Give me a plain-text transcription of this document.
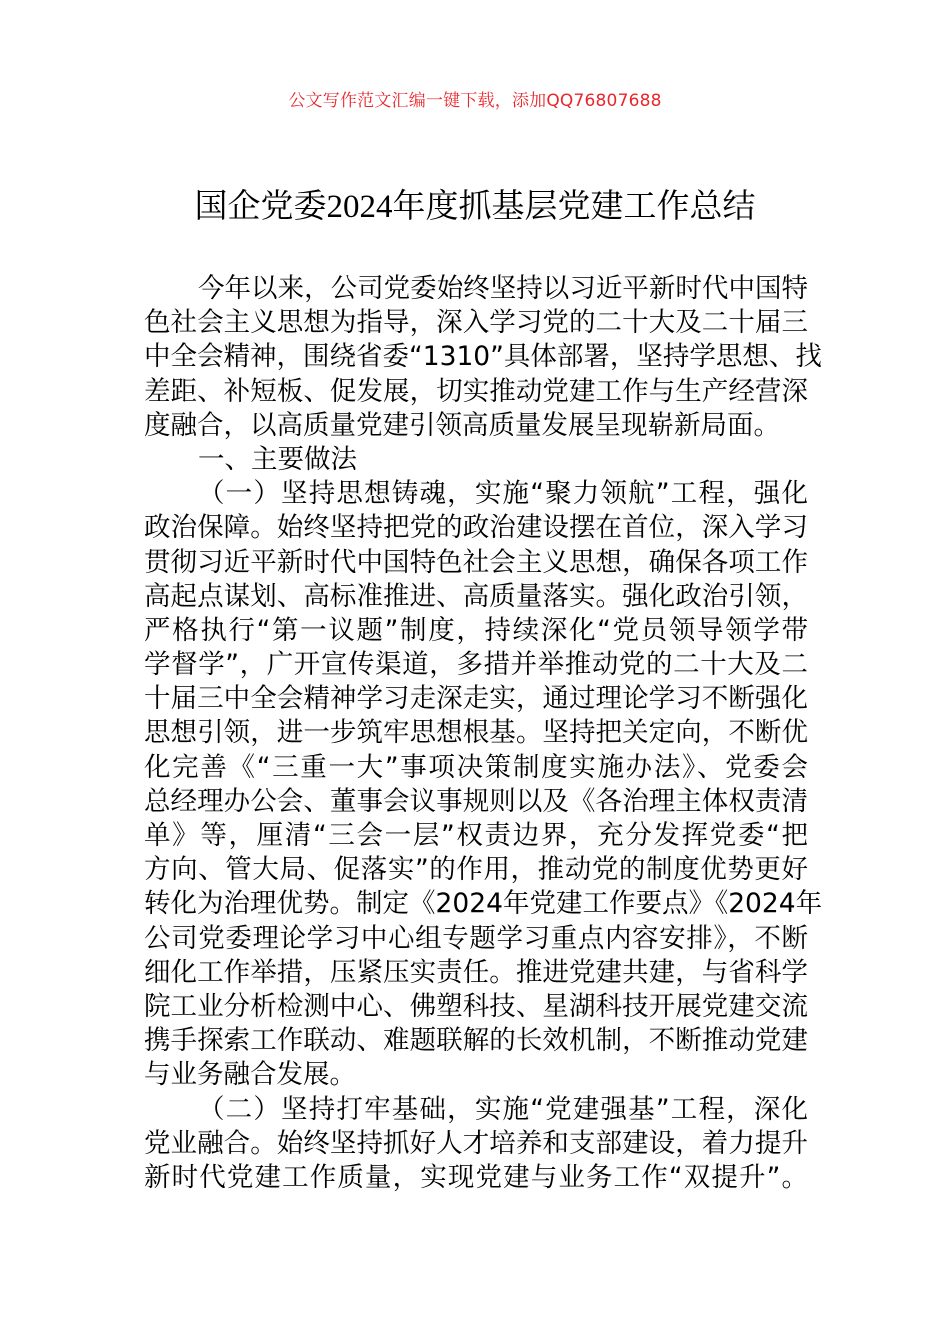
公文写作范文汇编一键下载，添加QQ76807688
国企党委2024年度抓基层党建工作总结
今年以来，公司党委始终坚持以习近平新时代中国特
色社会主义思想为指导，深入学习党的二十大及二十届三
中全会精神，围绕省委“1310”具体部署，坚持学思想、找
差距、补短板、促发展，切实推动党建工作与生产经营深
度融合，以高质量党建引领高质量发展呈现崭新局面。
一、主要做法
（一）坚持思想铸魂，实施“聚力领航”工程，强化
政治保障。始终坚持把党的政治建设摆在首位，深入学习
贯彻习近平新时代中国特色社会主义思想，确保各项工作
高起点谋划、高标准推进、高质量落实。强化政治引领，
严格执行“第一议题”制度，持续深化“党员领导领学带
学督学”，广开宣传渠道，多措并举推动党的二十大及二
十届三中全会精神学习走深走实，通过理论学习不断强化
思想引领，进一步筑牢思想根基。坚持把关定向，不断优
化完善《“三重一大”事项决策制度实施办法》、党委会
总经理办公会、董事会议事规则以及《各治理主体权责清
单》等，厘清“三会一层”权责边界，充分发挥党委“把
方向、管大局、促落实”的作用，推动党的制度优势更好
转化为治理优势。制定《2024年党建工作要点》《2024年
公司党委理论学习中心组专题学习重点内容安排》，不断
细化工作举措，压紧压实责任。推进党建共建，与省科学
院工业分析检测中心、佛塑科技、星湖科技开展党建交流
携手探索工作联动、难题联解的长效机制，不断推动党建
与业务融合发展。
（二）坚持打牢基础，实施“党建强基”工程，深化
党业融合。始终坚持抓好人才培养和支部建设，着力提升
新时代党建工作质量，实现党建与业务工作“双提升”。
